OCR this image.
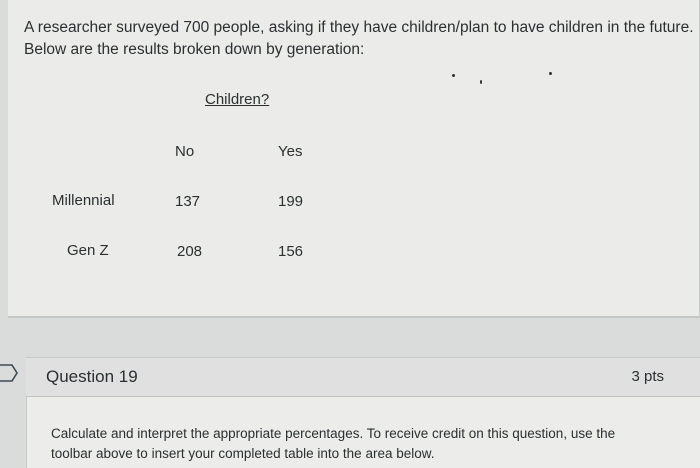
A researcher surveyed 700 people, asking if they have children/plan to have children in the future. Below are the results broken down by generation:
Children?
No	Yes
Millennial	137	199
Gen Z	208	156
Question 19	3 pts
Calculate and interpret the appropriate percentages. To receive credit on this question, use the toolbar above to insert your completed table into the area below.
